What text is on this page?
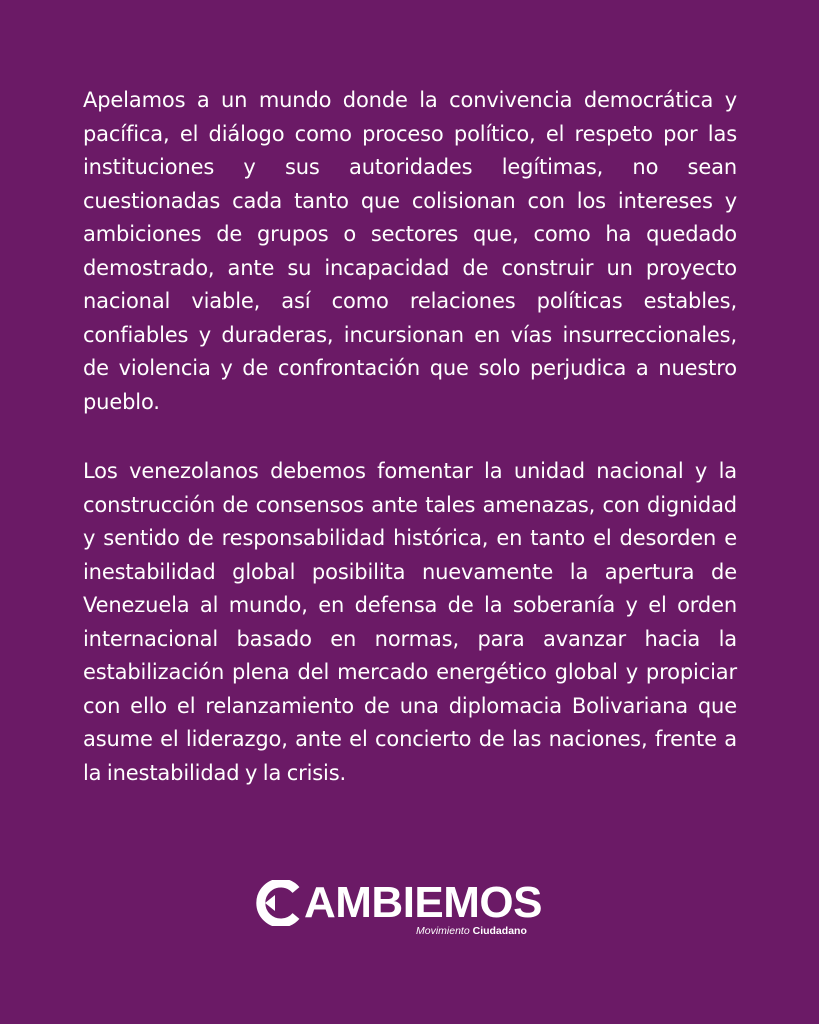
Apelamos a un mundo donde la convivencia democrática y pacífica, el diálogo como proceso político, el respeto por las instituciones y sus autoridades legítimas, no sean cuestionadas cada tanto que colisionan con los intereses y ambiciones de grupos o sectores que, como ha quedado demostrado, ante su incapacidad de construir un proyecto nacional viable, así como relaciones políticas estables, confiables y duraderas, incursionan en vías insurreccionales, de violencia y de confrontación que solo perjudica a nuestro pueblo.

Los venezolanos debemos fomentar la unidad nacional y la construcción de consensos ante tales amenazas, con dignidad y sentido de responsabilidad histórica, en tanto el desorden e inestabilidad global posibilita nuevamente la apertura de Venezuela al mundo, en defensa de la soberanía y el orden internacional basado en normas, para avanzar hacia la estabilización plena del mercado energético global y propiciar con ello el relanzamiento de una diplomacia Bolivariana que asume el liderazgo, ante el concierto de las naciones, frente a la inestabilidad y la crisis.

AMBIEMOS
Movimiento Ciudadano
